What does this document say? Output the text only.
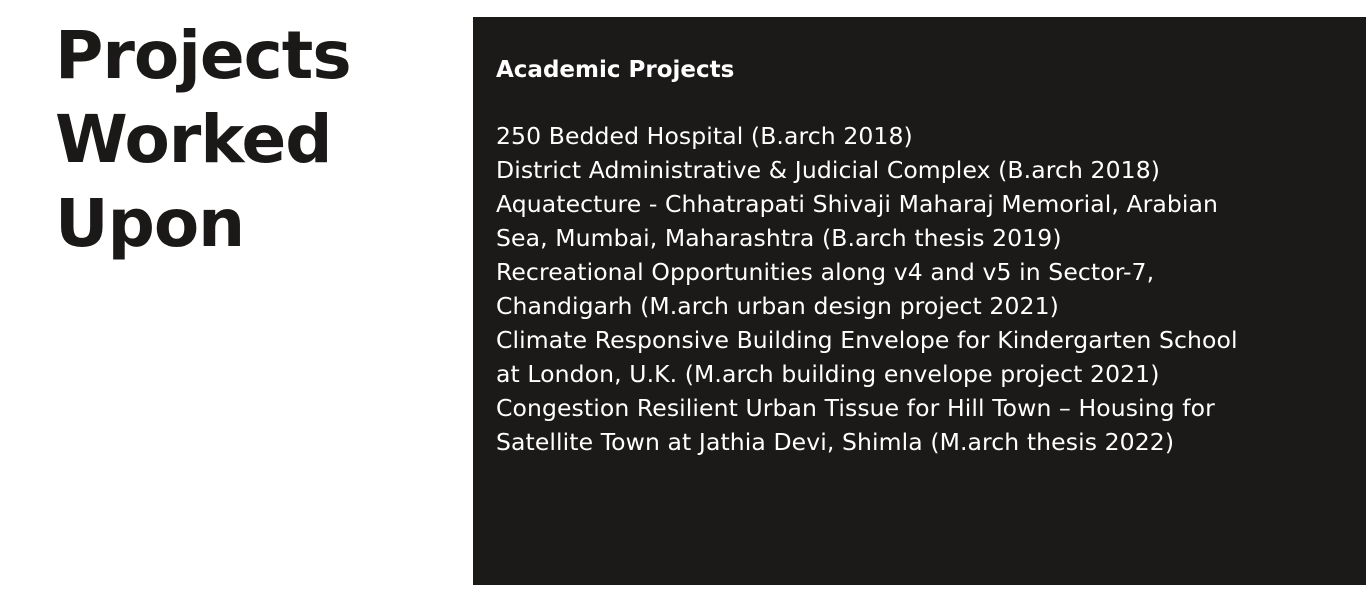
Projects
Worked
Upon
Academic Projects
250 Bedded Hospital (B.arch 2018)
District Administrative & Judicial Complex (B.arch 2018)
Aquatecture - Chhatrapati Shivaji Maharaj Memorial, Arabian
Sea, Mumbai, Maharashtra (B.arch thesis 2019)
Recreational Opportunities along v4 and v5 in Sector-7,
Chandigarh (M.arch urban design project 2021)
Climate Responsive Building Envelope for Kindergarten School
at London, U.K. (M.arch building envelope project 2021)
Congestion Resilient Urban Tissue for Hill Town – Housing for
Satellite Town at Jathia Devi, Shimla (M.arch thesis 2022)
